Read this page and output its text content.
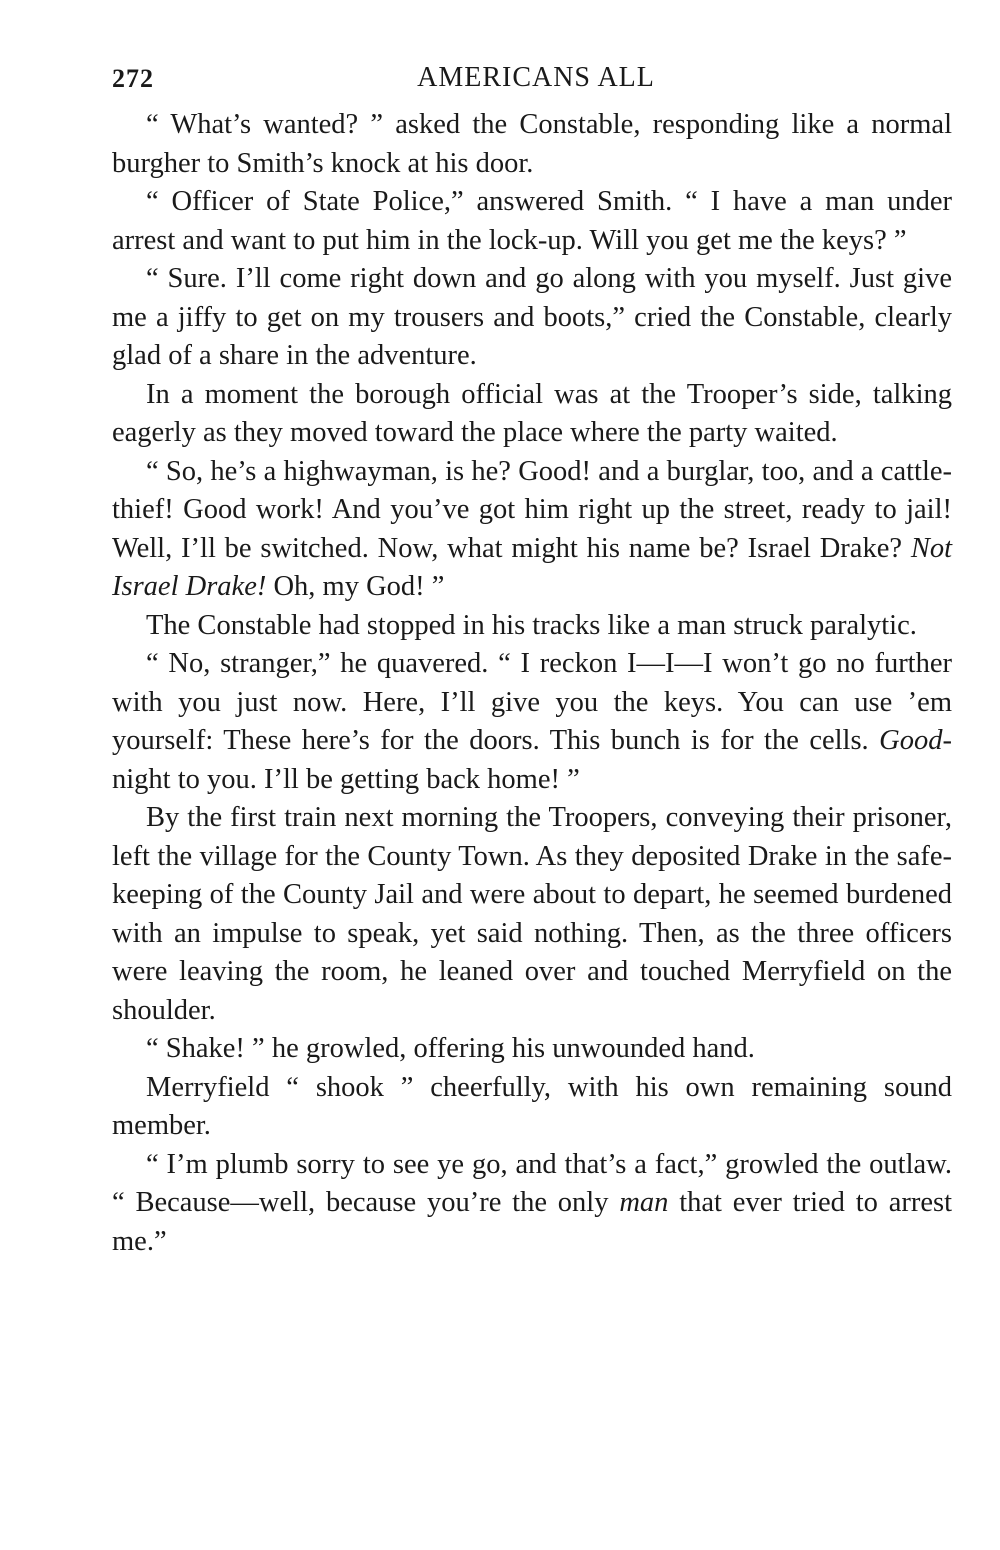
272	AMERICANS ALL

“ What’s wanted? ” asked the Constable, responding like a normal burgher to Smith’s knock at his door.

“ Officer of State Police,” answered Smith. “ I have a man under arrest and want to put him in the lock-up. Will you get me the keys? ”

“ Sure. I’ll come right down and go along with you myself. Just give me a jiffy to get on my trousers and boots,” cried the Constable, clearly glad of a share in the adventure.

In a moment the borough official was at the Trooper’s side, talking eagerly as they moved toward the place where the party waited.

“ So, he’s a highwayman, is he? Good! and a burglar, too, and a cattle-thief! Good work! And you’ve got him right up the street, ready to jail! Well, I’ll be switched. Now, what might his name be? Israel Drake? Not Israel Drake! Oh, my God! ”

The Constable had stopped in his tracks like a man struck paralytic.

“ No, stranger,” he quavered. “ I reckon I—I—I won’t go no further with you just now. Here, I’ll give you the keys. You can use ’em yourself: These here’s for the doors. This bunch is for the cells. Good-night to you. I’ll be getting back home! ”

By the first train next morning the Troopers, conveying their prisoner, left the village for the County Town. As they deposited Drake in the safe-keeping of the County Jail and were about to depart, he seemed burdened with an impulse to speak, yet said nothing. Then, as the three officers were leaving the room, he leaned over and touched Merryfield on the shoulder.

“ Shake! ” he growled, offering his unwounded hand.

Merryfield “ shook ” cheerfully, with his own remaining sound member.

“ I’m plumb sorry to see ye go, and that’s a fact,” growled the outlaw. “ Because—well, because you’re the only man that ever tried to arrest me.”
